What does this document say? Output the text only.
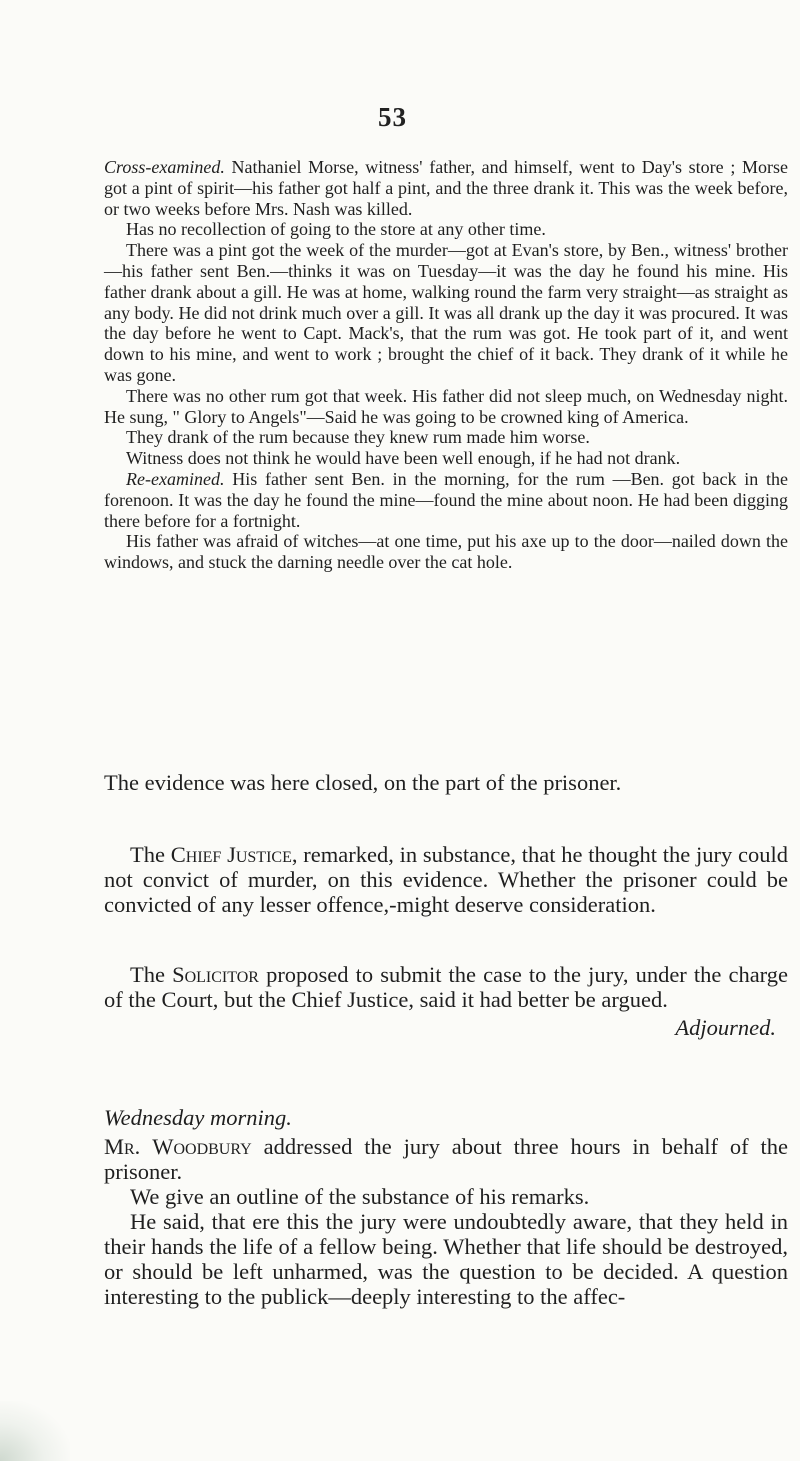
53

Cross-examined. Nathaniel Morse, witness' father, and himself, went to Day's store ; Morse got a pint of spirit—his father got half a pint, and the three drank it. This was the week before, or two weeks before Mrs. Nash was killed.

Has no recollection of going to the store at any other time.

There was a pint got the week of the murder—got at Evan's store, by Ben., witness' brother—his father sent Ben.—thinks it was on Tuesday—it was the day he found his mine. His father drank about a gill. He was at home, walking round the farm very straight—as straight as any body. He did not drink much over a gill. It was all drank up the day it was procured. It was the day before he went to Capt. Mack's, that the rum was got. He took part of it, and went down to his mine, and went to work ; brought the chief of it back. They drank of it while he was gone.

There was no other rum got that week. His father did not sleep much, on Wednesday night. He sung, " Glory to Angels"—Said he was going to be crowned king of America.

They drank of the rum because they knew rum made him worse.

Witness does not think he would have been well enough, if he had not drank.

Re-examined. His father sent Ben. in the morning, for the rum —Ben. got back in the forenoon. It was the day he found the mine—found the mine about noon. He had been digging there before for a fortnight.

His father was afraid of witches—at one time, put his axe up to the door—nailed down the windows, and stuck the darning needle over the cat hole.

The evidence was here closed, on the part of the prisoner.

The Chief Justice, remarked, in substance, that he thought the jury could not convict of murder, on this evidence. Whether the prisoner could be convicted of any lesser offence,-might deserve consideration.

The Solicitor proposed to submit the case to the jury, under the charge of the Court, but the Chief Justice, said it had better be argued.

Adjourned.

Wednesday morning.

Mr. Woodbury addressed the jury about three hours in behalf of the prisoner.

We give an outline of the substance of his remarks.

He said, that ere this the jury were undoubtedly aware, that they held in their hands the life of a fellow being. Whether that life should be destroyed, or should be left unharmed, was the question to be decided. A question interesting to the publick—deeply interesting to the affec-
